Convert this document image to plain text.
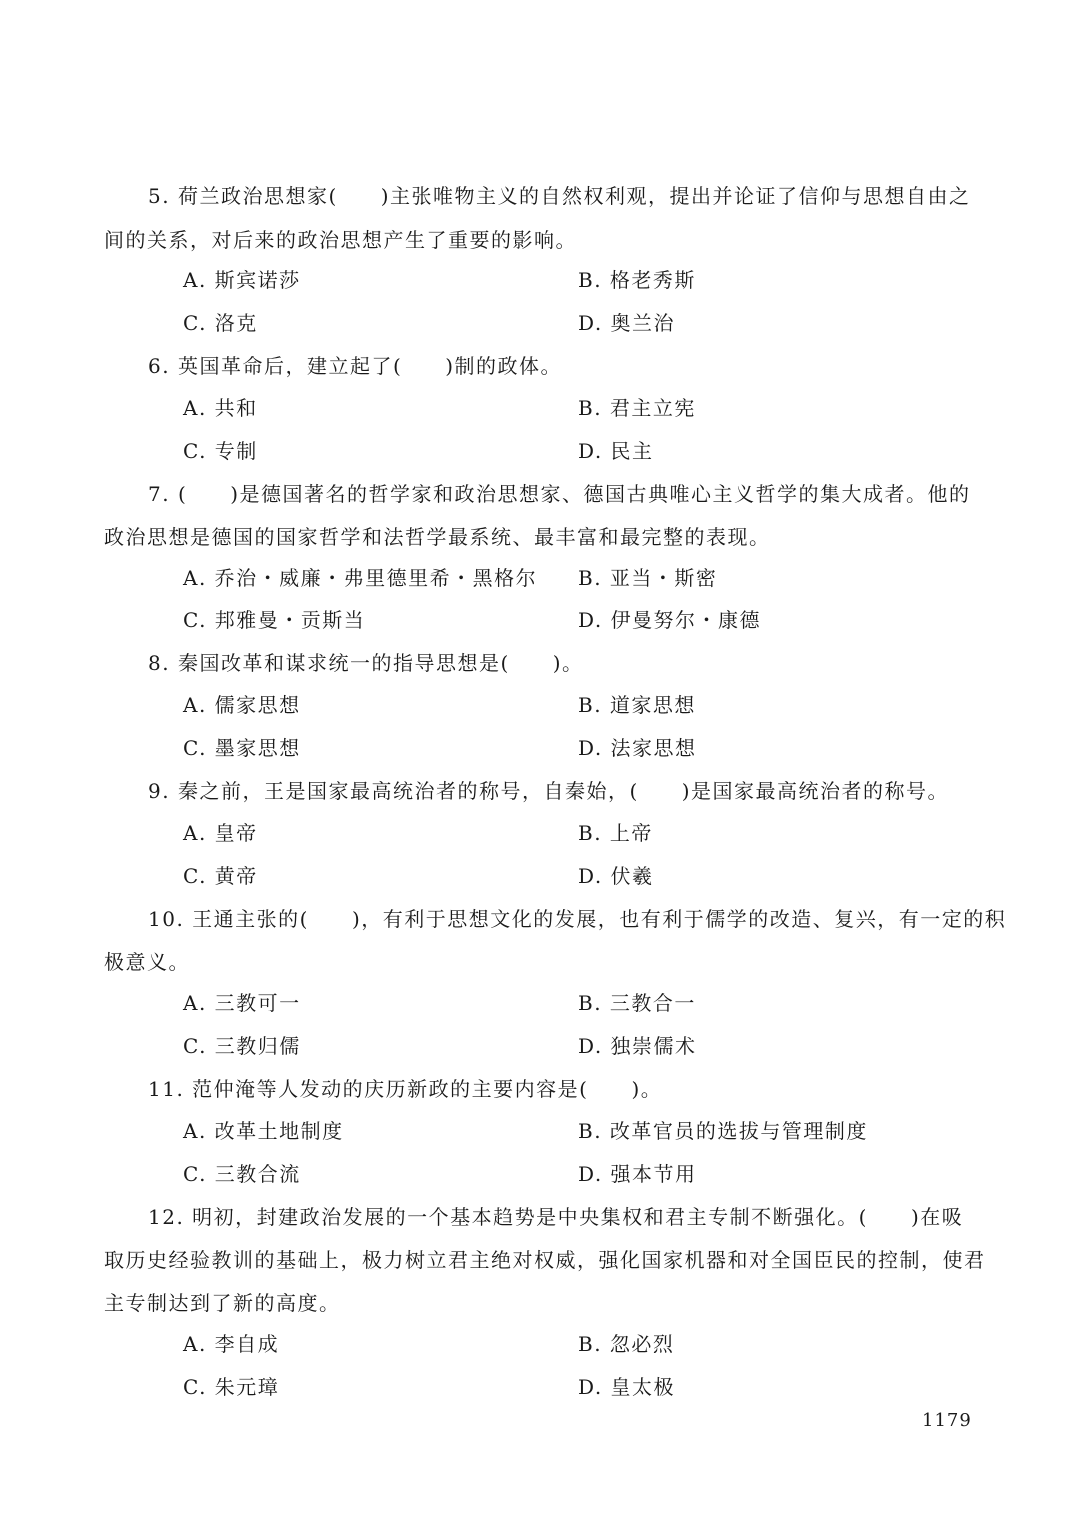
5. 荷兰政治思想家(　　)主张唯物主义的自然权利观，提出并论证了信仰与思想自由之
间的关系，对后来的政治思想产生了重要的影响。
A. 斯宾诺莎	B. 格老秀斯
C. 洛克	D. 奥兰治
6. 英国革命后，建立起了(　　)制的政体。
A. 共和	B. 君主立宪
C. 专制	D. 民主
7. (　　)是德国著名的哲学家和政治思想家、德国古典唯心主义哲学的集大成者。他的
政治思想是德国的国家哲学和法哲学最系统、最丰富和最完整的表现。
A. 乔治・威廉・弗里德里希・黑格尔 B. 亚当・斯密
C. 邦雅曼・贡斯当	D. 伊曼努尔・康德
8. 秦国改革和谋求统一的指导思想是(　　)。
A. 儒家思想	B. 道家思想
C. 墨家思想	D. 法家思想
9. 秦之前，王是国家最高统治者的称号，自秦始，(　　)是国家最高统治者的称号。
A. 皇帝	B. 上帝
C. 黄帝	D. 伏羲
10. 王通主张的(　　)，有利于思想文化的发展，也有利于儒学的改造、复兴，有一定的积
极意义。
A. 三教可一	B. 三教合一
C. 三教归儒	D. 独崇儒术
11. 范仲淹等人发动的庆历新政的主要内容是(　　)。
A. 改革土地制度	B. 改革官员的选拔与管理制度
C. 三教合流	D. 强本节用
12. 明初，封建政治发展的一个基本趋势是中央集权和君主专制不断强化。(　　)在吸
取历史经验教训的基础上，极力树立君主绝对权威，强化国家机器和对全国臣民的控制，使君
主专制达到了新的高度。
A. 李自成	B. 忽必烈
C. 朱元璋	D. 皇太极
1179
